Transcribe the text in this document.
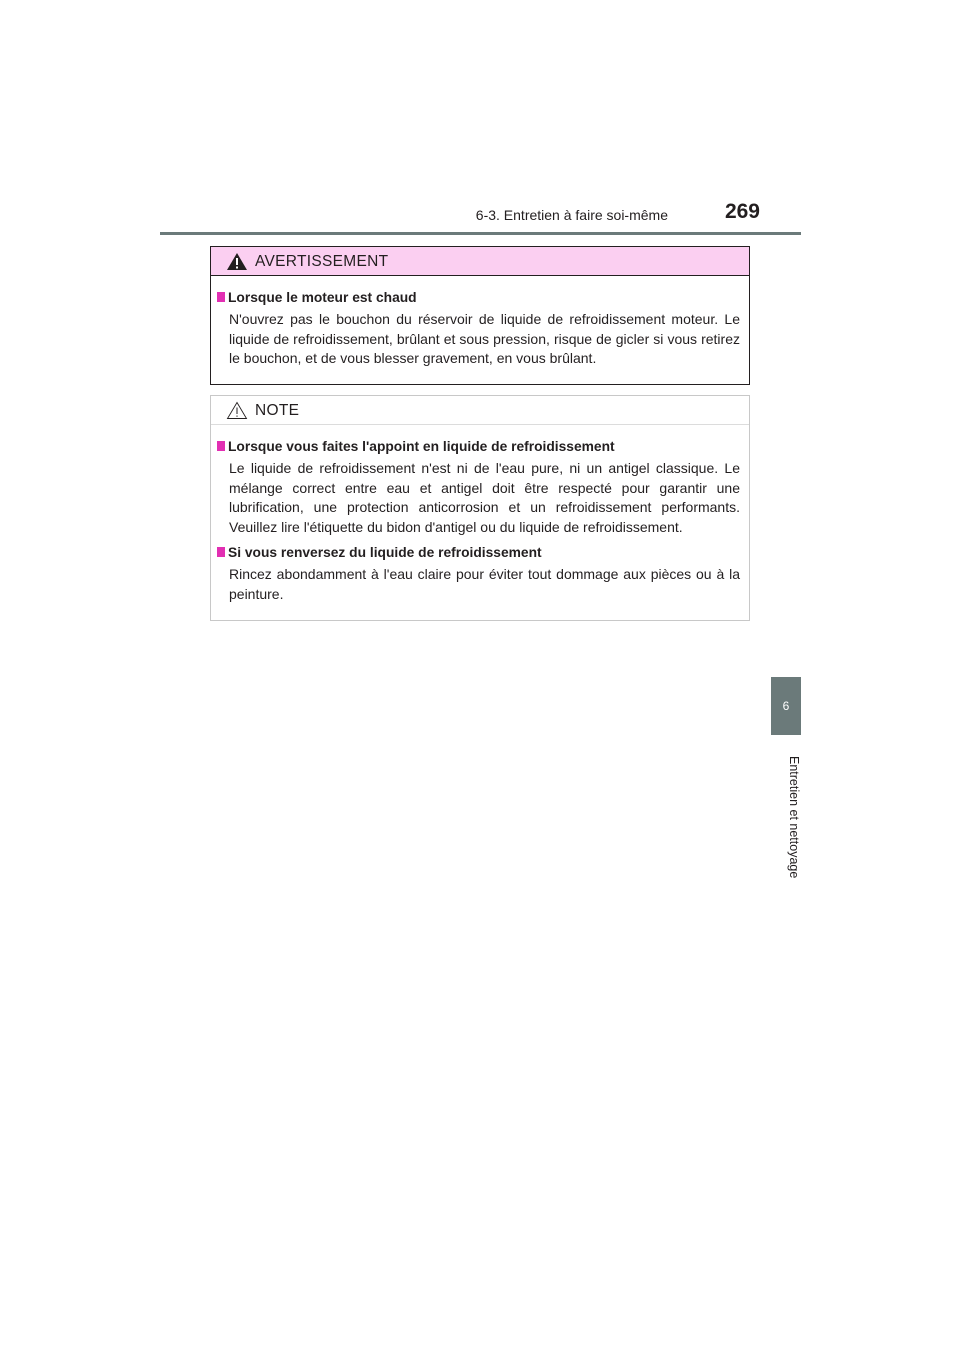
6-3. Entretien à faire soi-même	269
6
Entretien et nettoyage
AVERTISSEMENT
Lorsque le moteur est chaud
N'ouvrez pas le bouchon du réservoir de liquide de refroidissement moteur. Le liquide de refroidissement, brûlant et sous pression, risque de gicler si vous retirez le bouchon, et de vous blesser gravement, en vous brûlant.
NOTE
Lorsque vous faites l'appoint en liquide de refroidissement
Le liquide de refroidissement n'est ni de l'eau pure, ni un antigel classique. Le mélange correct entre eau et antigel doit être respecté pour garantir une lubrification, une protection anticorrosion et un refroidissement performants. Veuillez lire l'étiquette du bidon d'antigel ou du liquide de refroidissement.
Si vous renversez du liquide de refroidissement
Rincez abondamment à l'eau claire pour éviter tout dommage aux pièces ou à la peinture.
